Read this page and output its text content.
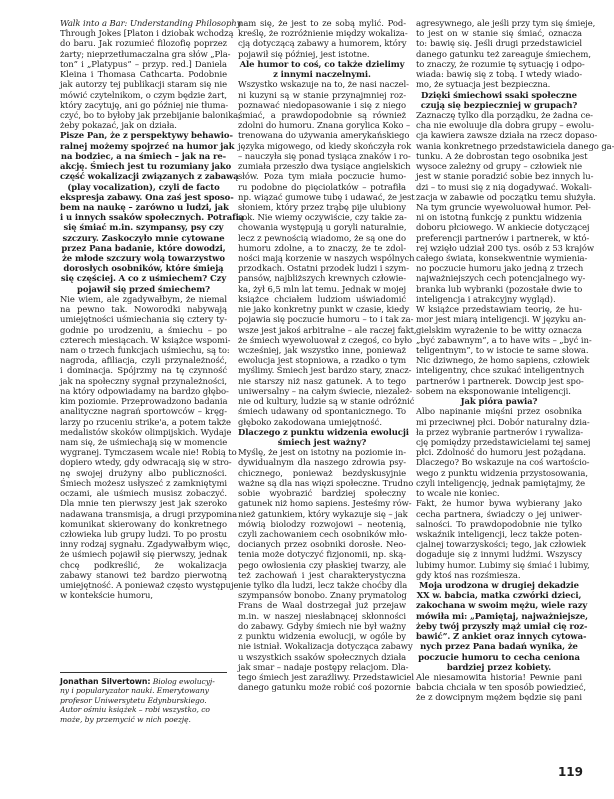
Walk into a Bar: Understanding Philosophy
Through Jokes [Platon i dziobak wchodzą
do baru. Jak rozumieć filozofię poprzez
żarty; nieprzetłumaczalna gra słów „Pla-
ton” i „Platypus” – przyp. red.] Daniela
Kleina i Thomasa Cathcarta. Podobnie
jak autorzy tej publikacji staram się nie
mówić czytelnikom, o czym będzie żart,
który zacytuję, ani go później nie tłuma-
czyć, bo to byłoby jak przebijanie balonika,
żeby pokazać, jak on działa.
Pisze Pan, że z perspektywy behawio-
ralnej możemy spojrzeć na humor jak
na bodziec, a na śmiech – jak na re-
akcję. Śmiech jest tu rozumiany jako
część wokalizacji związanych z zabawą
(play vocalization), czyli de facto
ekspresja zabawy. Ona zaś jest sposo-
bem na naukę – zarówno u ludzi, jak
i u innych ssaków społecznych. Potrafią
się śmiać m.in. szympansy, psy czy
szczury. Zaskoczyło mnie cytowane
przez Pana badanie, które dowodzi,
że młode szczury wolą towarzystwo
dorosłych osobników, które śmieją
się częściej. A co z uśmiechem? Czy
pojawił się przed śmiechem?
Nie wiem, ale zgadywałbym, że niemal
na pewno tak. Noworodki nabywają
umiejętności uśmiechania się cztery ty-
godnie po urodzeniu, a śmiechu – po
czterech miesiącach. W książce wspomi-
nam o trzech funkcjach uśmiechu, są to:
nagroda, afiliacja, czyli przynależność,
i dominacja. Spójrzmy na tę czynność
jak na społeczny sygnał przynależności,
na który odpowiadamy na bardzo głębo-
kim poziomie. Przeprowadzono badania
analityczne nagrań sportowców – kręg-
larzy po rzuceniu strike'a, a potem także
medalistów skoków olimpijskich. Wydaje
nam się, że uśmiechają się w momencie
wygranej. Tymczasem wcale nie! Robią to
dopiero wtedy, gdy odwracają się w stro-
nę swojej drużyny albo publiczności.
Śmiech możesz usłyszeć z zamkniętymi
oczami, ale uśmiech musisz zobaczyć.
Dla mnie ten pierwszy jest jak szeroko
nadawana transmisja, a drugi przypomina
komunikat skierowany do konkretnego
człowieka lub grupy ludzi. To po prostu
inny rodzaj sygnału. Zgadywałbym więc,
że uśmiech pojawił się pierwszy, jednak
chcę podkreślić, że wokalizacja
zabawy stanowi też bardzo pierwotną
umiejętność. A ponieważ często występuje
w kontekście humoru,
nam się, że jest to ze sobą mylić. Pod-
kreślę, że rozróżnienie między wokaliza-
cją dotyczącą zabawy a humorem, który
pojawił się później, jest istotne.
Ale humor to coś, co także dzielimy
z innymi naczelnymi.
Wszystko wskazuje na to, że nasi naczel-
ni kuzyni są w stanie przynajmniej roz-
poznawać niedopasowanie i się z niego
śmiać, a prawdopodobnie są również
zdolni do humoru. Znana gorylica Koko –
trenowana do używania amerykańskiego
języka migowego, od kiedy skończyła rok
– nauczyła się ponad tysiąca znaków i ro-
zumiała przeszło dwa tysiące angielskich
słów. Poza tym miała poczucie humo-
ru podobne do pięciolatków – potrafiła
np. wiązać gumowe tubę i udawać, że jest
słoniem, który przez trąbę pije ulubiony
sok. Nie wiemy oczywiście, czy takie za-
chowania występują u goryli naturalnie,
lecz z pewnością wiadomo, że są one do
humoru zdolne, a to znaczy, że te zdol-
ności mają korzenie w naszych wspólnych
przodkach. Ostatni przodek ludzi i szym-
pansów, najbliższych krewnych człowie-
ka, żył 6,5 mln lat temu. Jednak w mojej
książce chciałem ludziom uświadomić
nie jako konkretny punkt w czasie, kiedy
pojawia się poczucie humoru – to i tak za-
wsze jest jakoś arbitralne – ale raczej fakt,
że śmiech wyewoluował z czegoś, co było
wcześniej, jak wszystko inne, ponieważ
ewolucja jest stopniowa, a rzadko o tym
myślimy. Śmiech jest bardzo stary, znacz-
nie starszy niż nasz gatunek. A to tego
uniwersalny – na całym świecie, niezależ-
nie od kultury, ludzie są w stanie odróżnić
śmiech udawany od spontanicznego. To
głęboko zakodowana umiejętność.
Dlaczego z punktu widzenia ewolucji
śmiech jest ważny?
Myślę, że jest on istotny na poziomie in-
dywidualnym dla naszego zdrowia psy-
chicznego, ponieważ bezdyskusyjnie
ważne są dla nas więzi społeczne. Trudno
sobie wyobrazić bardziej społeczny
gatunek niż homo sapiens. Jesteśmy rów-
nież gatunkiem, który wykazuje się – jak
mówią biolodzy rozwojowi – neotenią,
czyli zachowaniem cech osobników mło-
docianych przez osobniki dorosłe. Neo-
tenia może dotyczyć fizjonomii, np. ską-
pego owłosienia czy płaskiej twarzy, ale
też zachowań i jest charakterystyczna
nie tylko dla ludzi, lecz także choćby dla
szympansów bonobo. Znany prymatolog
Frans de Waal dostrzegał już przejaw
m.in. w naszej niesłabnącej skłonności
do zabawy. Gdyby śmiech nie był ważny
z punktu widzenia ewolucji, w ogóle by
nie istniał. Wokalizacja dotycząca zabawy
u wszystkich ssaków społecznych działa
jak smar – nadaje postępy relacjom. Dla-
tego śmiech jest zaraźliwy. Przedstawiciel
danego gatunku może robić coś pozornie
agresywnego, ale jeśli przy tym się śmieje,
to jest on w stanie się śmiać, oznacza
to: bawię się. Jeśli drugi przedstawiciel
danego gatunku też zareaguje śmiechem,
to znaczy, że rozumie tę sytuację i odpo-
wiada: bawię się z tobą. I wtedy wiado-
mo, że sytuacja jest bezpieczna.
Dzięki śmiechowi ssaki społeczne
czują się bezpieczniej w grupach?
Zaznaczę tylko dla porządku, że żadna ce-
cha nie ewoluuje dla dobra grupy – ewolu-
cja kawiera zawsze działa na rzecz dopaso-
wania konkretnego przedstawiciela danego ga-
tunku. A że dobrostan tego osobnika jest
wysoce zależny od grupy – człowiek nie
jest w stanie poradzić sobie bez innych lu-
dzi – to musi się z nią dogadywać. Wokali-
zacja w zabawie od początku temu służyła.
Na tym gruncie wyewoluował humor. Peł-
ni on istotną funkcję z punktu widzenia
doboru płciowego. W ankiecie dotyczącej
preferencji partnerów i partnerek, w któ-
rej wzięło udział 200 tys. osób z 53 krajów
całego świata, konsekwentnie wymienia-
no poczucie humoru jako jedną z trzech
najważniejszych cech potencjalnego wy-
branka lub wybranki (pozostałe dwie to
inteligencja i atrakcyjny wygląd).
W książce przedstawiam teorię, że hu-
mor jest miarą inteligencji. W języku an-
gielskim wyrażenie to be witty oznacza
„być zabawnym”, a to have wits – „być in-
teligentnym”, to w istocie te same słowa.
Nic dziwnego, że homo sapiens, człowiek
inteligentny, chce szukać inteligentnych
partnerów i partnerek. Dowcip jest spo-
sobem na eksponowanie inteligencji.
Jak pióra pawia?
Albo napinanie mięśni przez osobnika
mi przeciwnej płci. Dobór naturalny dzia-
ła przez wybranie partnerów i rywaliza-
cję pomiędzy przedstawicielami tej samej
płci. Zdolność do humoru jest pożądana.
Dlaczego? Bo wskazuje na coś wartościo-
wego z punktu widzenia przystosowania,
czyli inteligencję, jednak pamiętajmy, że
to wcale nie koniec.
Fakt, że humor bywa wybierany jako
cecha partnera, świadczy o jej uniwer-
salności. To prawdopodobnie nie tylko
wskaźnik inteligencji, lecz także poten-
cjalnej towarzyskości; tego, jak człowiek
dogaduje się z innymi ludźmi. Wszyscy
lubimy humor. Lubimy się śmiać i lubimy,
gdy ktoś nas rozśmiesza.
Moja urodzona w drugiej dekadzie
XX w. babcia, matka czwórki dzieci,
zakochana w swoim mężu, wiele razy
mówiła mi: „Pamiętaj, najważniejsze,
żeby twój przyszły mąż umiał cię roz-
bawić”. Z ankiet oraz innych cytowa-
nych przez Pana badań wynika, że
poczucie humoru to cecha ceniona
bardziej przez kobiety.
Ale niesamowita historia! Pewnie pani
babcia chciała w ten sposób powiedzieć,
że z dowcipnym mężem będzie się pani
Jonathan Silvertown: Biolog ewolucyj-
ny i popularyzator nauki. Emerytowany
profesor Uniwersytetu Edynburskiego.
Autor ośmiu książek – robi wszystko, co
może, by przemycić w nich poezję.
119
